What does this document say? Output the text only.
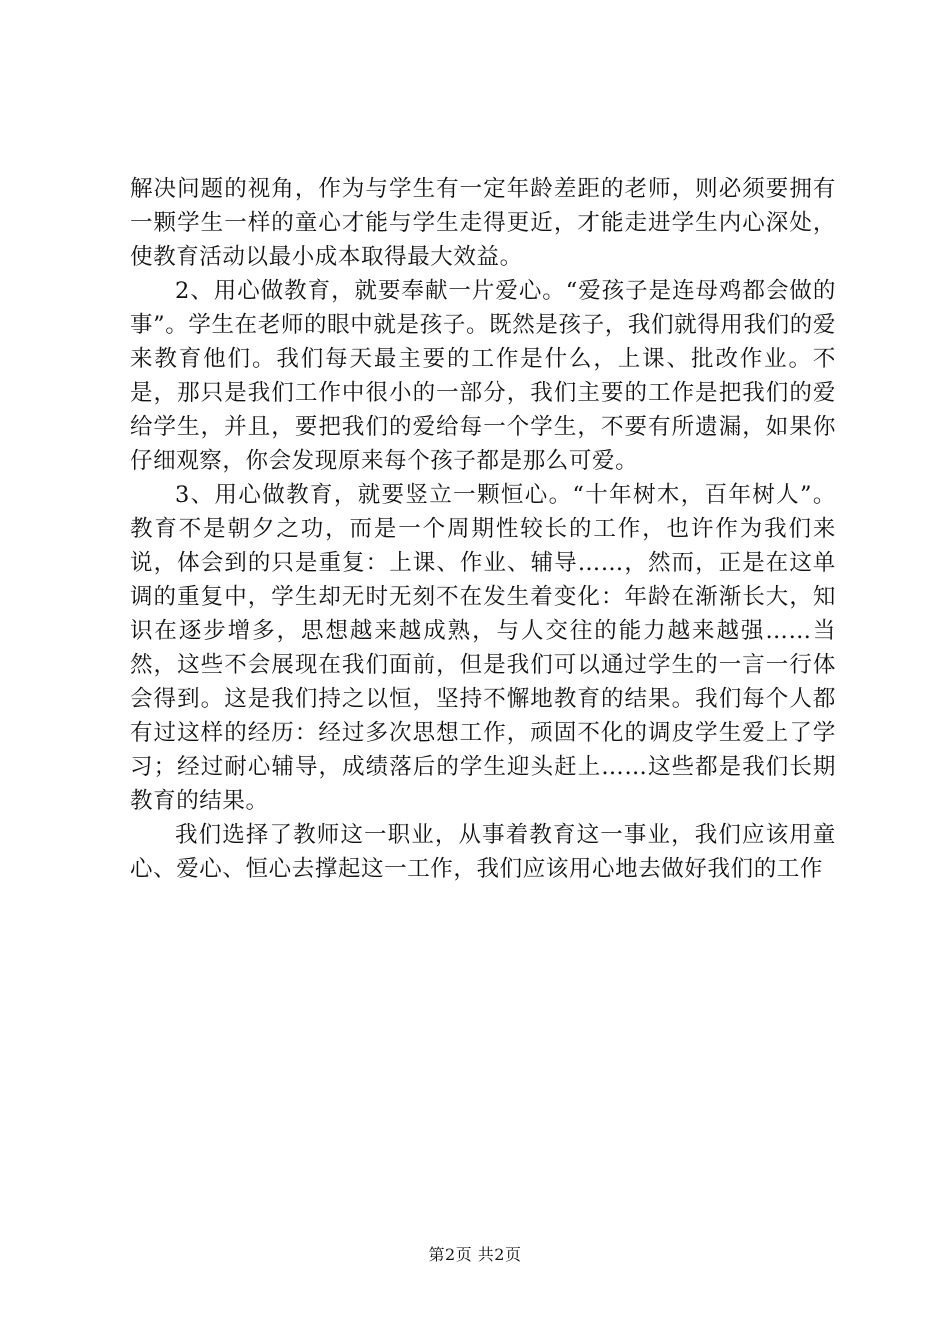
解决问题的视角，作为与学生有一定年龄差距的老师，则必须要拥有一颗学生一样的童心才能与学生走得更近，才能走进学生内心深处，使教育活动以最小成本取得最大效益。

2、用心做教育，就要奉献一片爱心。“爱孩子是连母鸡都会做的事”。学生在老师的眼中就是孩子。既然是孩子，我们就得用我们的爱来教育他们。我们每天最主要的工作是什么，上课、批改作业。不是，那只是我们工作中很小的一部分，我们主要的工作是把我们的爱给学生，并且，要把我们的爱给每一个学生，不要有所遗漏，如果你仔细观察，你会发现原来每个孩子都是那么可爱。

3、用心做教育，就要竖立一颗恒心。“十年树木，百年树人”。教育不是朝夕之功，而是一个周期性较长的工作，也许作为我们来说，体会到的只是重复：上课、作业、辅导……，然而，正是在这单调的重复中，学生却无时无刻不在发生着变化：年龄在渐渐长大，知识在逐步增多，思想越来越成熟，与人交往的能力越来越强……当然，这些不会展现在我们面前，但是我们可以通过学生的一言一行体会得到。这是我们持之以恒，坚持不懈地教育的结果。我们每个人都有过这样的经历：经过多次思想工作，顽固不化的调皮学生爱上了学习；经过耐心辅导，成绩落后的学生迎头赶上……这些都是我们长期教育的结果。

我们选择了教师这一职业，从事着教育这一事业，我们应该用童心、爱心、恒心去撑起这一工作，我们应该用心地去做好我们的工作

第2页 共2页
